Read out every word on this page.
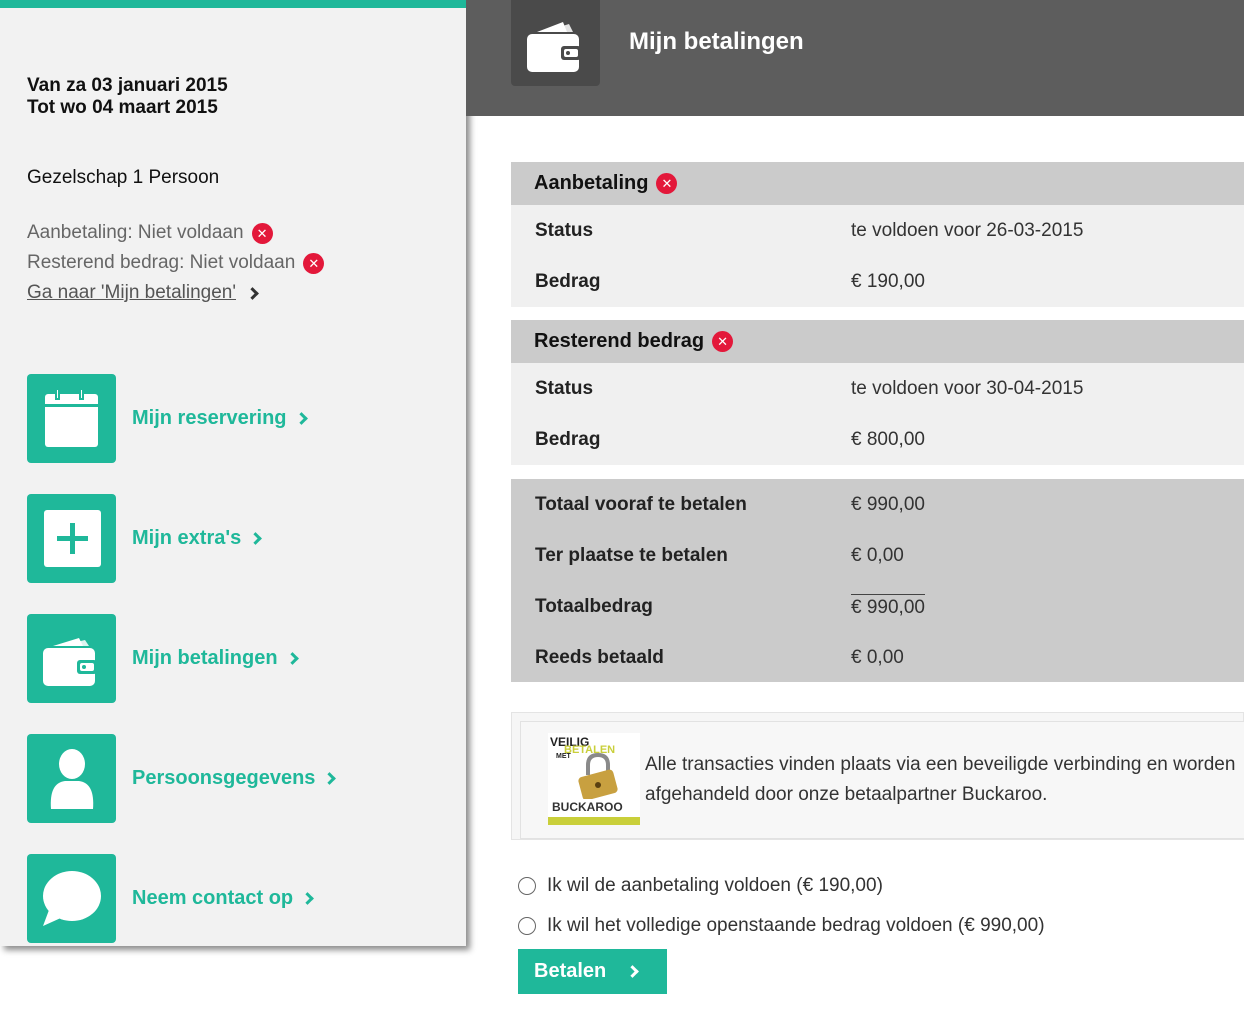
Van za 03 januari 2015
Tot wo 04 maart 2015
Gezelschap 1 Persoon
Aanbetaling: Niet voldaan	✕
Resterend bedrag: Niet voldaan	✕
Ga naar 'Mijn betalingen'
Mijn reservering
Mijn extra's
Mijn betalingen
Persoonsgegevens
Neem contact op
Mijn betalingen
Aanbetaling	✕
Status	te voldoen voor 26-03-2015
Bedrag	€ 190,00
Resterend bedrag	✕
Status	te voldoen voor 30-04-2015
Bedrag	€ 800,00
Totaal vooraf te betalen	€ 990,00
Ter plaatse te betalen	€ 0,00
Totaalbedrag	€ 990,00
Reeds betaald	€ 0,00
VEILIG
BETALEN
MET
BUCKAROO
Alle transacties vinden plaats via een beveiligde verbinding en worden afgehandeld door onze betaalpartner Buckaroo.
Ik wil de aanbetaling voldoen (€ 190,00)
Ik wil het volledige openstaande bedrag voldoen (€ 990,00)
Betalen
